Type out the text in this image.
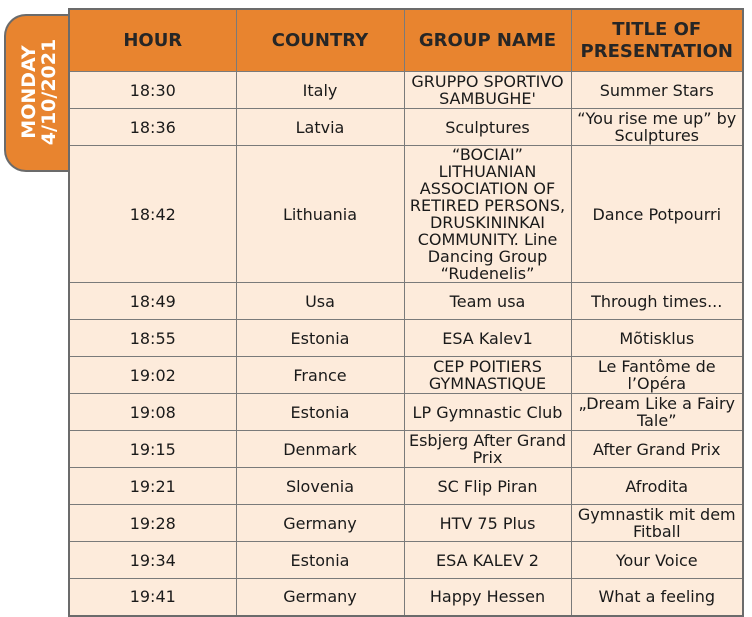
MONDAY
4/10/2021	HOUR	COUNTRY	GROUP NAME	TITLE OF PRESENTATION
18:30	Italy	GRUPPO SPORTIVO SAMBUGHE'	Summer Stars
18:36	Latvia	Sculptures	“You rise me up” by Sculptures
18:42	Lithuania	“BOCIAI” LITHUANIAN ASSOCIATION OF RETIRED PERSONS, DRUSKININKAI COMMUNITY. Line Dancing Group “Rudenelis”	Dance Potpourri
18:49	Usa	Team usa	Through times...
18:55	Estonia	ESA Kalev1	Mõtisklus
19:02	France	CEP POITIERS GYMNASTIQUE	Le Fantôme de l’Opéra
19:08	Estonia	LP Gymnastic Club	„Dream Like a Fairy Tale”
19:15	Denmark	Esbjerg After Grand Prix	After Grand Prix
19:21	Slovenia	SC Flip Piran	Afrodita
19:28	Germany	HTV 75 Plus	Gymnastik mit dem Fitball
19:34	Estonia	ESA KALEV 2	Your Voice
19:41	Germany	Happy Hessen	What a feeling
